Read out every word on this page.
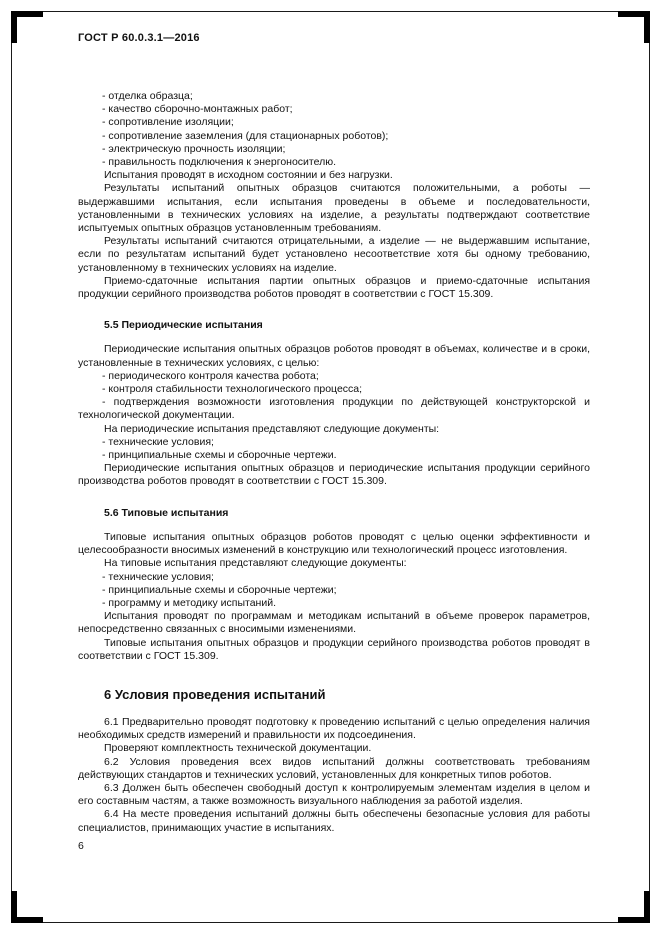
ГОСТ Р 60.0.3.1—2016
- отделка образца;
- качество сборочно-монтажных работ;
- сопротивление изоляции;
- сопротивление заземления (для стационарных роботов);
- электрическую прочность изоляции;
- правильность подключения к энергоносителю.
Испытания проводят в исходном состоянии и без нагрузки.
Результаты испытаний опытных образцов считаются положительными, а роботы — выдержавшими испытания, если испытания проведены в объеме и последовательности, установленными в технических условиях на изделие, а результаты подтверждают соответствие испытуемых опытных образцов установленным требованиям.
Результаты испытаний считаются отрицательными, а изделие — не выдержавшим испытание, если по результатам испытаний будет установлено несоответствие хотя бы одному требованию, установленному в технических условиях на изделие.
Приемо-сдаточные испытания партии опытных образцов и приемо-сдаточные испытания продукции серийного производства роботов проводят в соответствии с ГОСТ 15.309.
5.5 Периодические испытания
Периодические испытания опытных образцов роботов проводят в объемах, количестве и в сроки, установленные в технических условиях, с целью:
- периодического контроля качества робота;
- контроля стабильности технологического процесса;
- подтверждения возможности изготовления продукции по действующей конструкторской и технологической документации.
На периодические испытания представляют следующие документы:
- технические условия;
- принципиальные схемы и сборочные чертежи.
Периодические испытания опытных образцов и периодические испытания продукции серийного производства роботов проводят в соответствии с ГОСТ 15.309.
5.6 Типовые испытания
Типовые испытания опытных образцов роботов проводят с целью оценки эффективности и целесообразности вносимых изменений в конструкцию или технологический процесс изготовления.
На типовые испытания представляют следующие документы:
- технические условия;
- принципиальные схемы и сборочные чертежи;
- программу и методику испытаний.
Испытания проводят по программам и методикам испытаний в объеме проверок параметров, непосредственно связанных с вносимыми изменениями.
Типовые испытания опытных образцов и продукции серийного производства роботов проводят в соответствии с ГОСТ 15.309.
6 Условия проведения испытаний
6.1 Предварительно проводят подготовку к проведению испытаний с целью определения наличия необходимых средств измерений и правильности их подсоединения.
Проверяют комплектность технической документации.
6.2 Условия проведения всех видов испытаний должны соответствовать требованиям действующих стандартов и технических условий, установленных для конкретных типов роботов.
6.3 Должен быть обеспечен свободный доступ к контролируемым элементам изделия в целом и его составным частям, а также возможность визуального наблюдения за работой изделия.
6.4 На месте проведения испытаний должны быть обеспечены безопасные условия для работы специалистов, принимающих участие в испытаниях.
6
